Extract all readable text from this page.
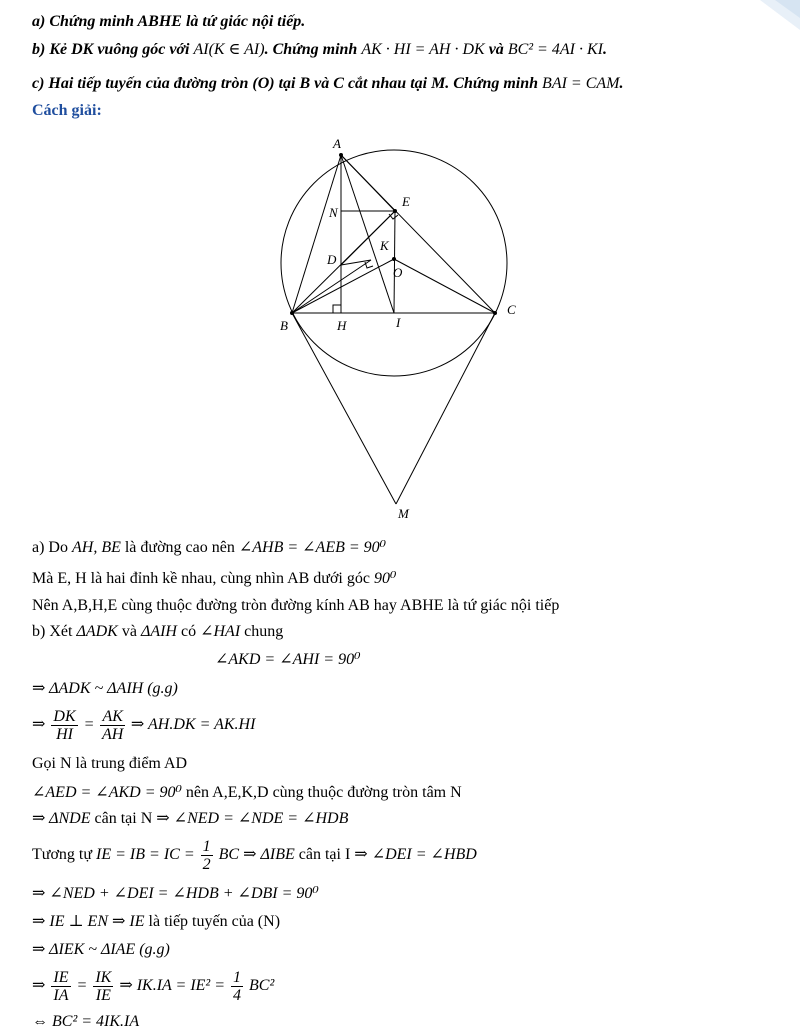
a) Chứng minh ABHE là tứ giác nội tiếp.
b) Kẻ DK vuông góc với AI(K ∈ AI). Chứng minh AK · HI = AH · DK và BC² = 4AI · KI.
c) Hai tiếp tuyến của đường tròn (O) tại B và C cắt nhau tại M. Chứng minh BAI = CAM.
Cách giải:
A
E
N
K
D
O
B	H	I
C
M
a) Do AH, BE là đường cao nên ∠AHB = ∠AEB = 90⁰
Mà E, H là hai đỉnh kề nhau, cùng nhìn AB dưới góc 90⁰
Nên A,B,H,E cùng thuộc đường tròn đường kính AB hay ABHE là tứ giác nội tiếp
b) Xét ΔADK và ΔAIH có ∠HAI chung
∠AKD = ∠AHI = 90⁰
⇒ ΔADK ~ ΔAIH (g.g)
⇒ $\frac{DK}{HI} = \frac{AK}{AH}$ ⇒ AH.DK = AK.HI
Gọi N là trung điểm AD
∠AED = ∠AKD = 90⁰ nên A,E,K,D cùng thuộc đường tròn tâm N
⇒ ΔNDE cân tại N ⇒ ∠NED = ∠NDE = ∠HDB
Tương tự IE = IB = IC = $\frac{1}{2}$ BC ⇒ ΔIBE cân tại I ⇒ ∠DEI = ∠HBD
⇒ ∠NED + ∠DEI = ∠HDB + ∠DBI = 90⁰
⇒ IE ⊥ EN ⇒ IE là tiếp tuyến của (N)
⇒ ΔIEK ~ ΔIAE (g.g)
⇒ $\frac{IE}{IA} = \frac{IK}{IE}$ ⇒ $IK.IA = IE^2 = \frac{1}{4} BC^2$
⇔ BC² = 4IK.IA
